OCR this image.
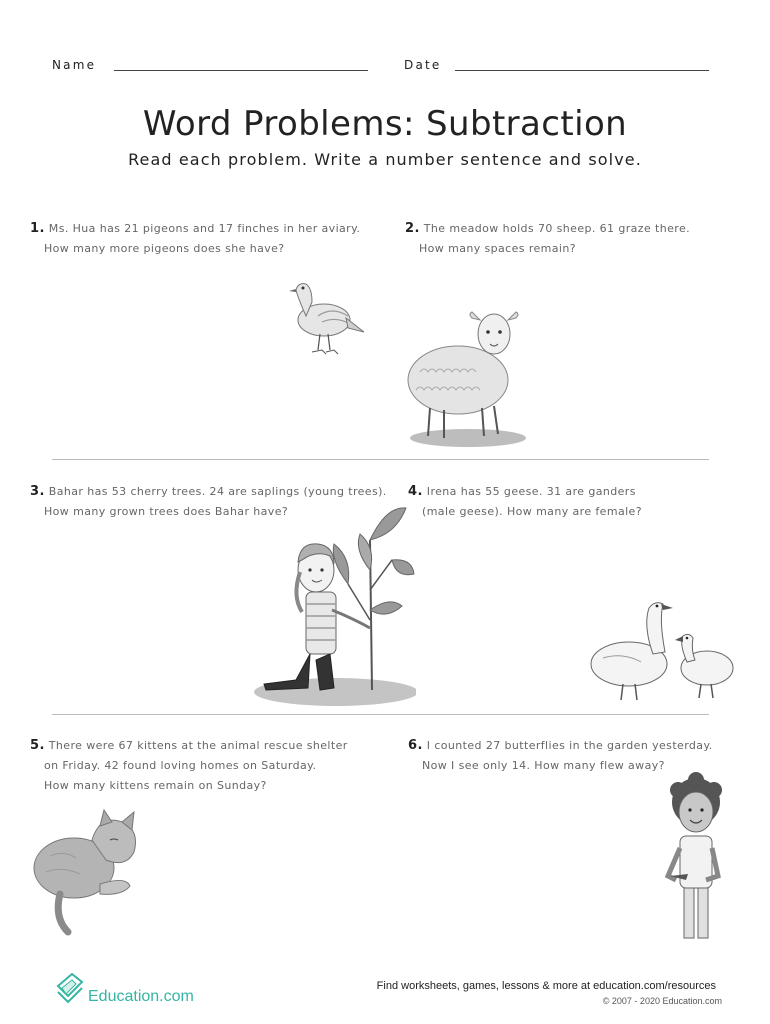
Name	Date
Word Problems: Subtraction
Read each problem. Write a number sentence and solve.
1. Ms. Hua has 21 pigeons and 17 finches in her aviary.
How many more pigeons does she have?
2. The meadow holds 70 sheep. 61 graze there.
How many spaces remain?
3. Bahar has 53 cherry trees. 24 are saplings (young trees).
How many grown trees does Bahar have?
4. Irena has 55 geese. 31 are ganders
(male geese). How many are female?
5. There were 67 kittens at the animal rescue shelter
on Friday. 42 found loving homes on Saturday.
How many kittens remain on Sunday?
6. I counted 27 butterflies in the garden yesterday.
Now I see only 14. How many flew away?
Education.com
Find worksheets, games, lessons & more at education.com/resources
© 2007 - 2020 Education.com
